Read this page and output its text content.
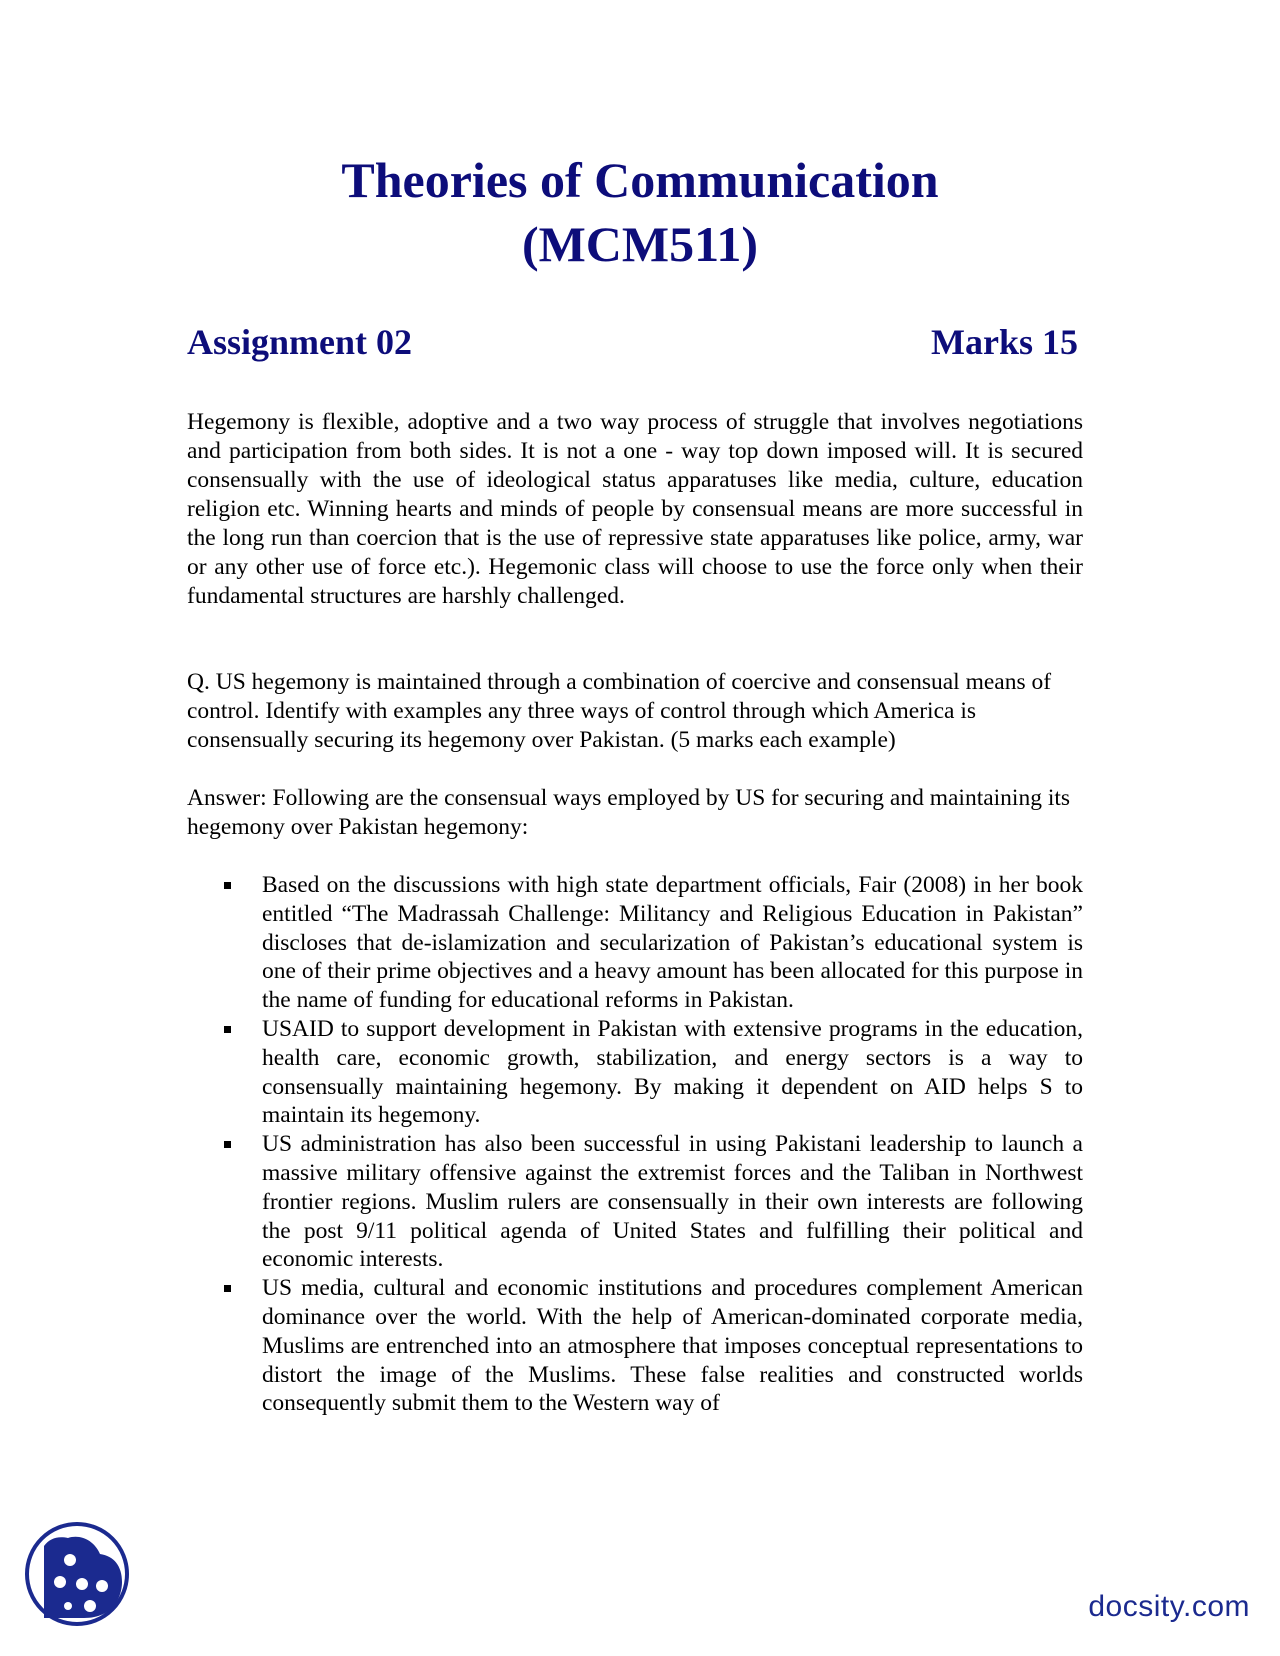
Theories of Communication
(MCM511)
Assignment 02	Marks 15

Hegemony is flexible, adoptive and a two way process of struggle that involves negotiations and participation from both sides. It is not a one - way top down imposed will. It is secured consensually with the use of ideological status apparatuses like media, culture, education religion etc. Winning hearts and minds of people by consensual means are more successful in the long run than coercion that is the use of repressive state apparatuses like police, army, war or any other use of force etc.). Hegemonic class will choose to use the force only when their fundamental structures are harshly challenged.

Q. US hegemony is maintained through a combination of coercive and consensual means of control. Identify with examples any three ways of control through which America is consensually securing its hegemony over Pakistan. (5 marks each example)

Answer: Following are the consensual ways employed by US for securing and maintaining its hegemony over Pakistan hegemony:

Based on the discussions with high state department officials, Fair (2008) in her book entitled “The Madrassah Challenge: Militancy and Religious Education in Pakistan” discloses that de-islamization and secularization of Pakistan’s educational system is one of their prime objectives and a heavy amount has been allocated for this purpose in the name of funding for educational reforms in Pakistan.
USAID to support development in Pakistan with extensive programs in the education, health care, economic growth, stabilization, and energy sectors is a way to consensually maintaining hegemony. By making it dependent on AID helps S to maintain its hegemony.
US administration has also been successful in using Pakistani leadership to launch a massive military offensive against the extremist forces and the Taliban in Northwest frontier regions. Muslim rulers are consensually in their own interests are following the post 9/11 political agenda of United States and fulfilling their political and economic interests.
US media, cultural and economic institutions and procedures complement American dominance over the world. With the help of American-dominated corporate media, Muslims are entrenched into an atmosphere that imposes conceptual representations to distort the image of the Muslims. These false realities and constructed worlds consequently submit them to the Western way of
docsity.com
